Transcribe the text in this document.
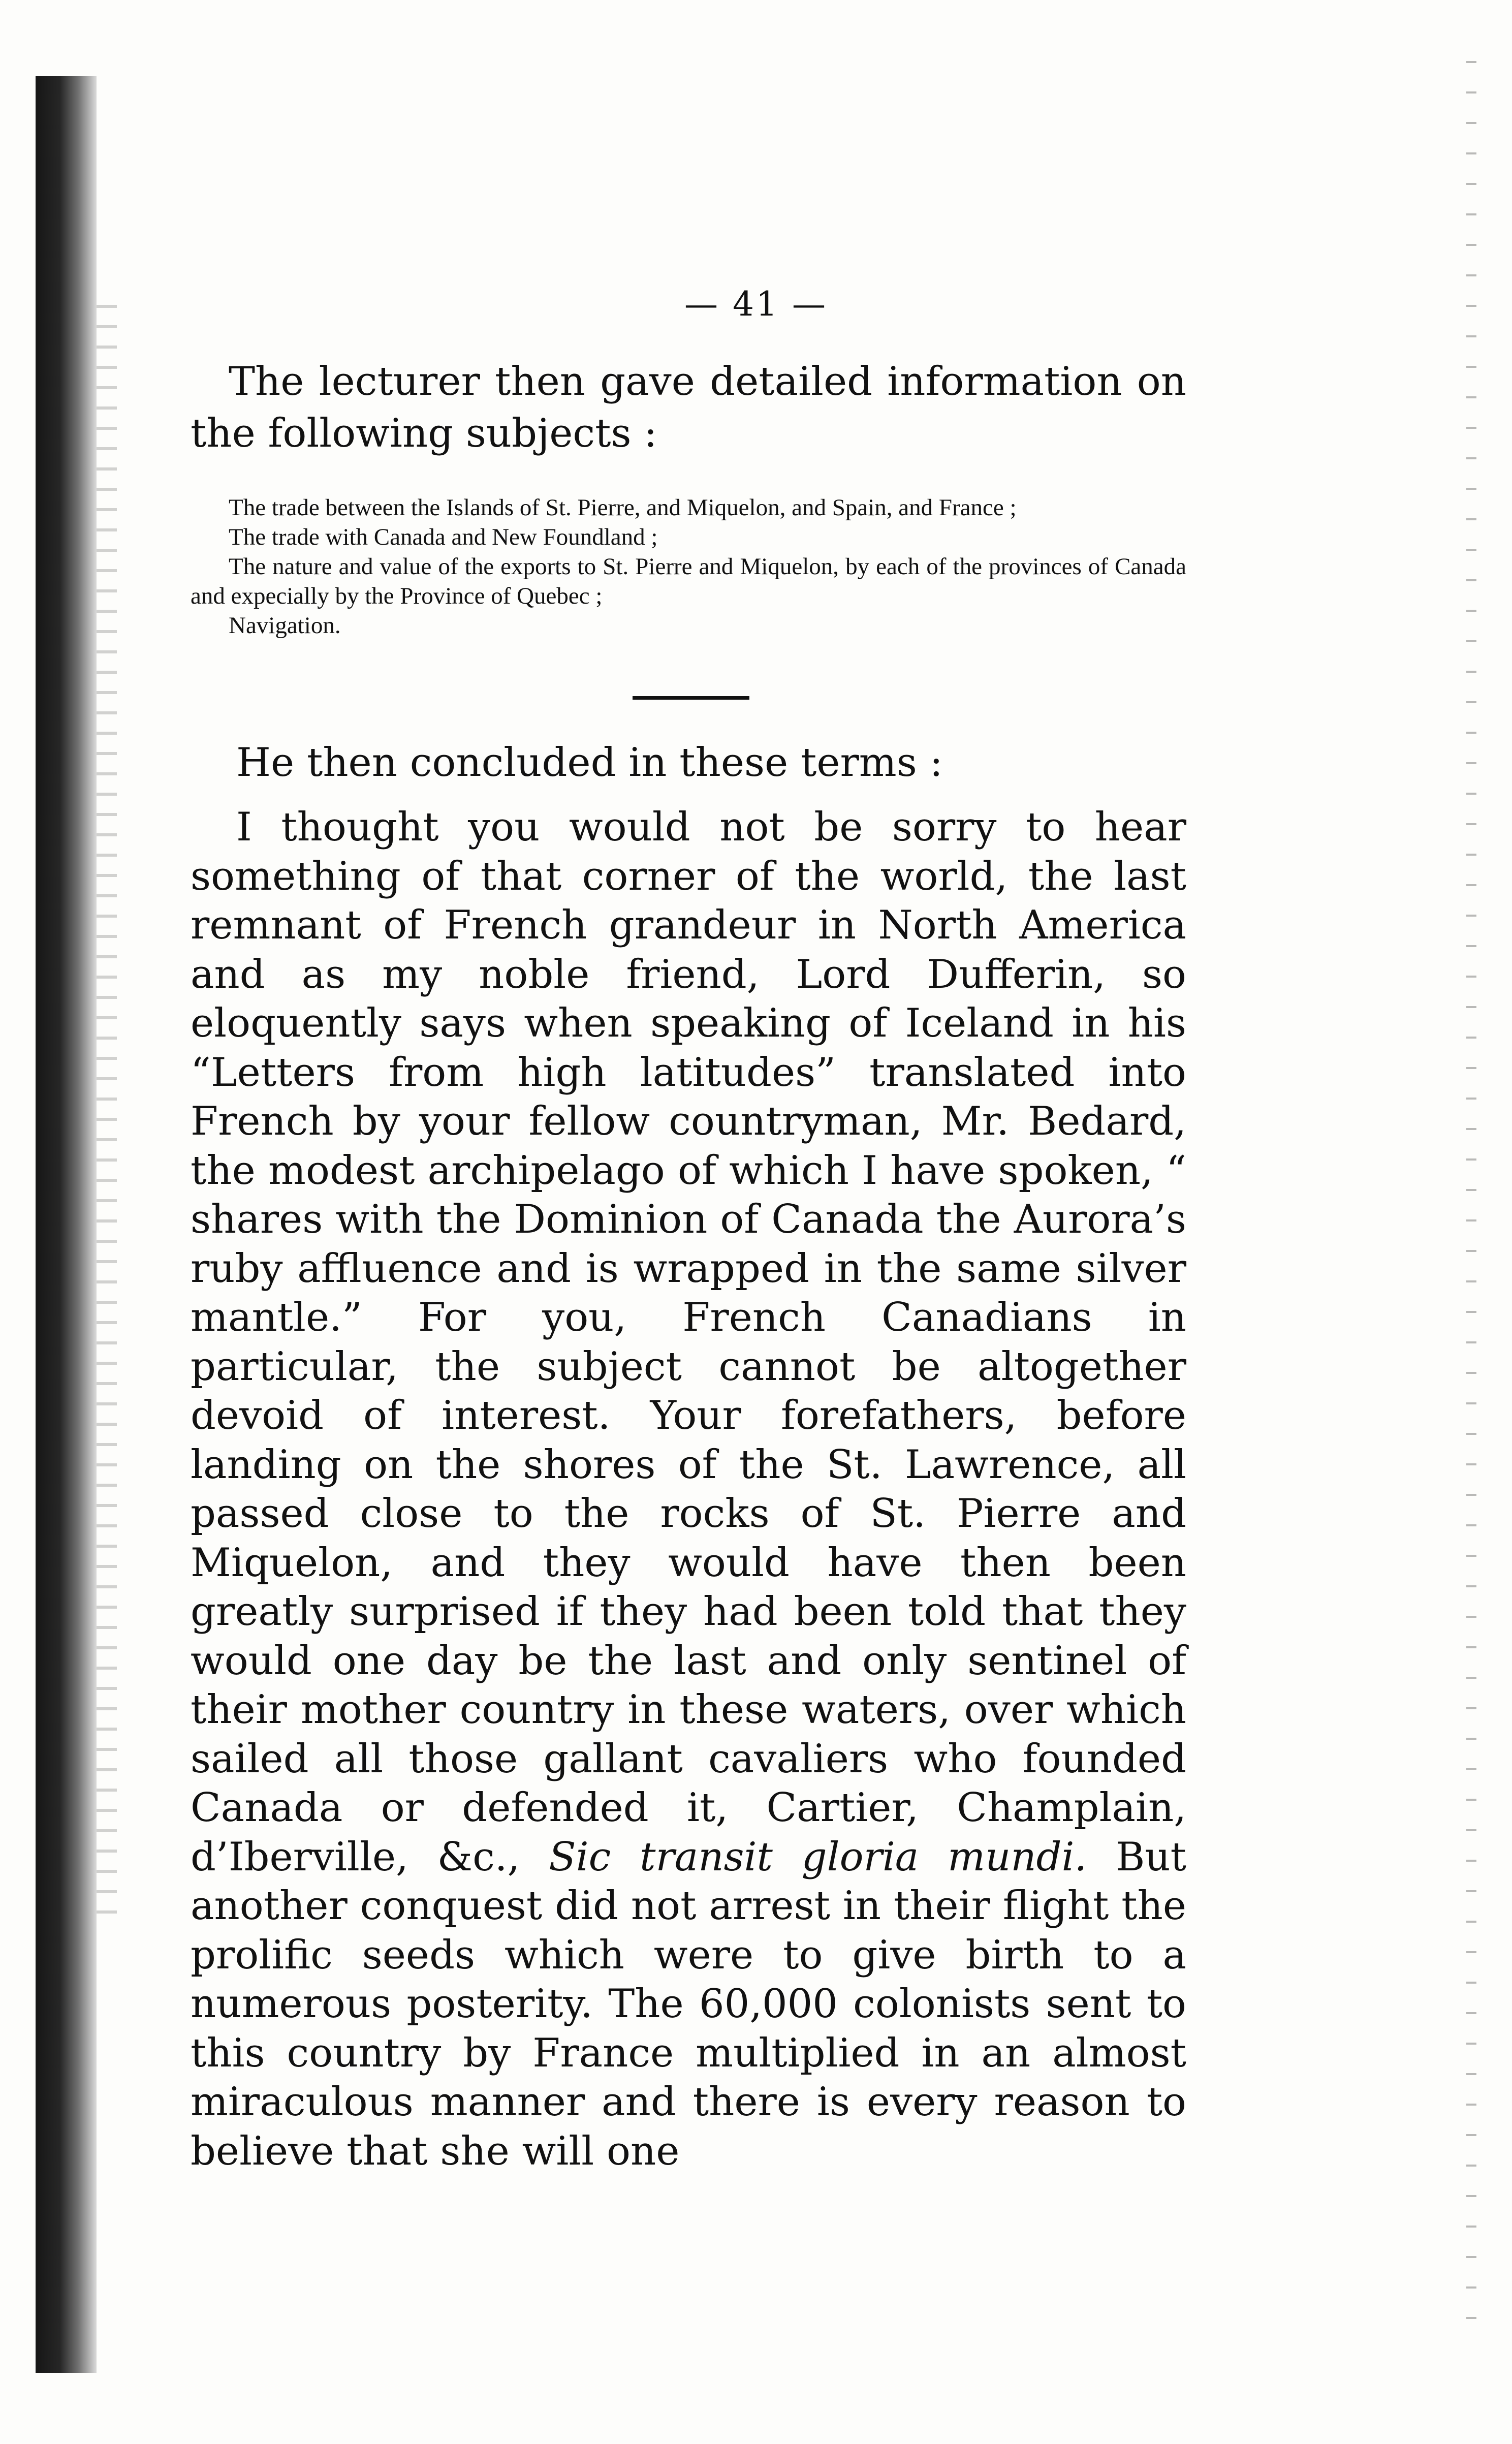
— 41 —

The lecturer then gave detailed information on the following subjects :

The trade between the Islands of St. Pierre, and Miquelon, and Spain, and France ;

The trade with Canada and New Foundland ;

The nature and value of the exports to St. Pierre and Miquelon, by each of the provinces of Canada and expecially by the Province of Quebec ;

Navigation.

He then concluded in these terms :

I thought you would not be sorry to hear something of that corner of the world, the last remnant of French grandeur in North America and as my noble friend, Lord Dufferin, so eloquently says when speaking of Iceland in his “Letters from high latitudes” translated into French by your fellow countryman, Mr. Bedard, the modest archipelago of which I have spoken, “ shares with the Dominion of Canada the Aurora’s ruby affluence and is wrapped in the same silver mantle.” For you, French Canadians in particular, the subject cannot be altogether devoid of interest. Your forefathers, before landing on the shores of the St. Lawrence, all passed close to the rocks of St. Pierre and Miquelon, and they would have then been greatly surprised if they had been told that they would one day be the last and only sentinel of their mother country in these waters, over which sailed all those gallant cavaliers who founded Canada or defended it, Cartier, Champlain, d’Iberville, &c., Sic transit gloria mundi. But another conquest did not arrest in their flight the prolific seeds which were to give birth to a numerous posterity. The 60,000 colonists sent to this country by France multiplied in an almost miraculous manner and there is every reason to believe that she will one
